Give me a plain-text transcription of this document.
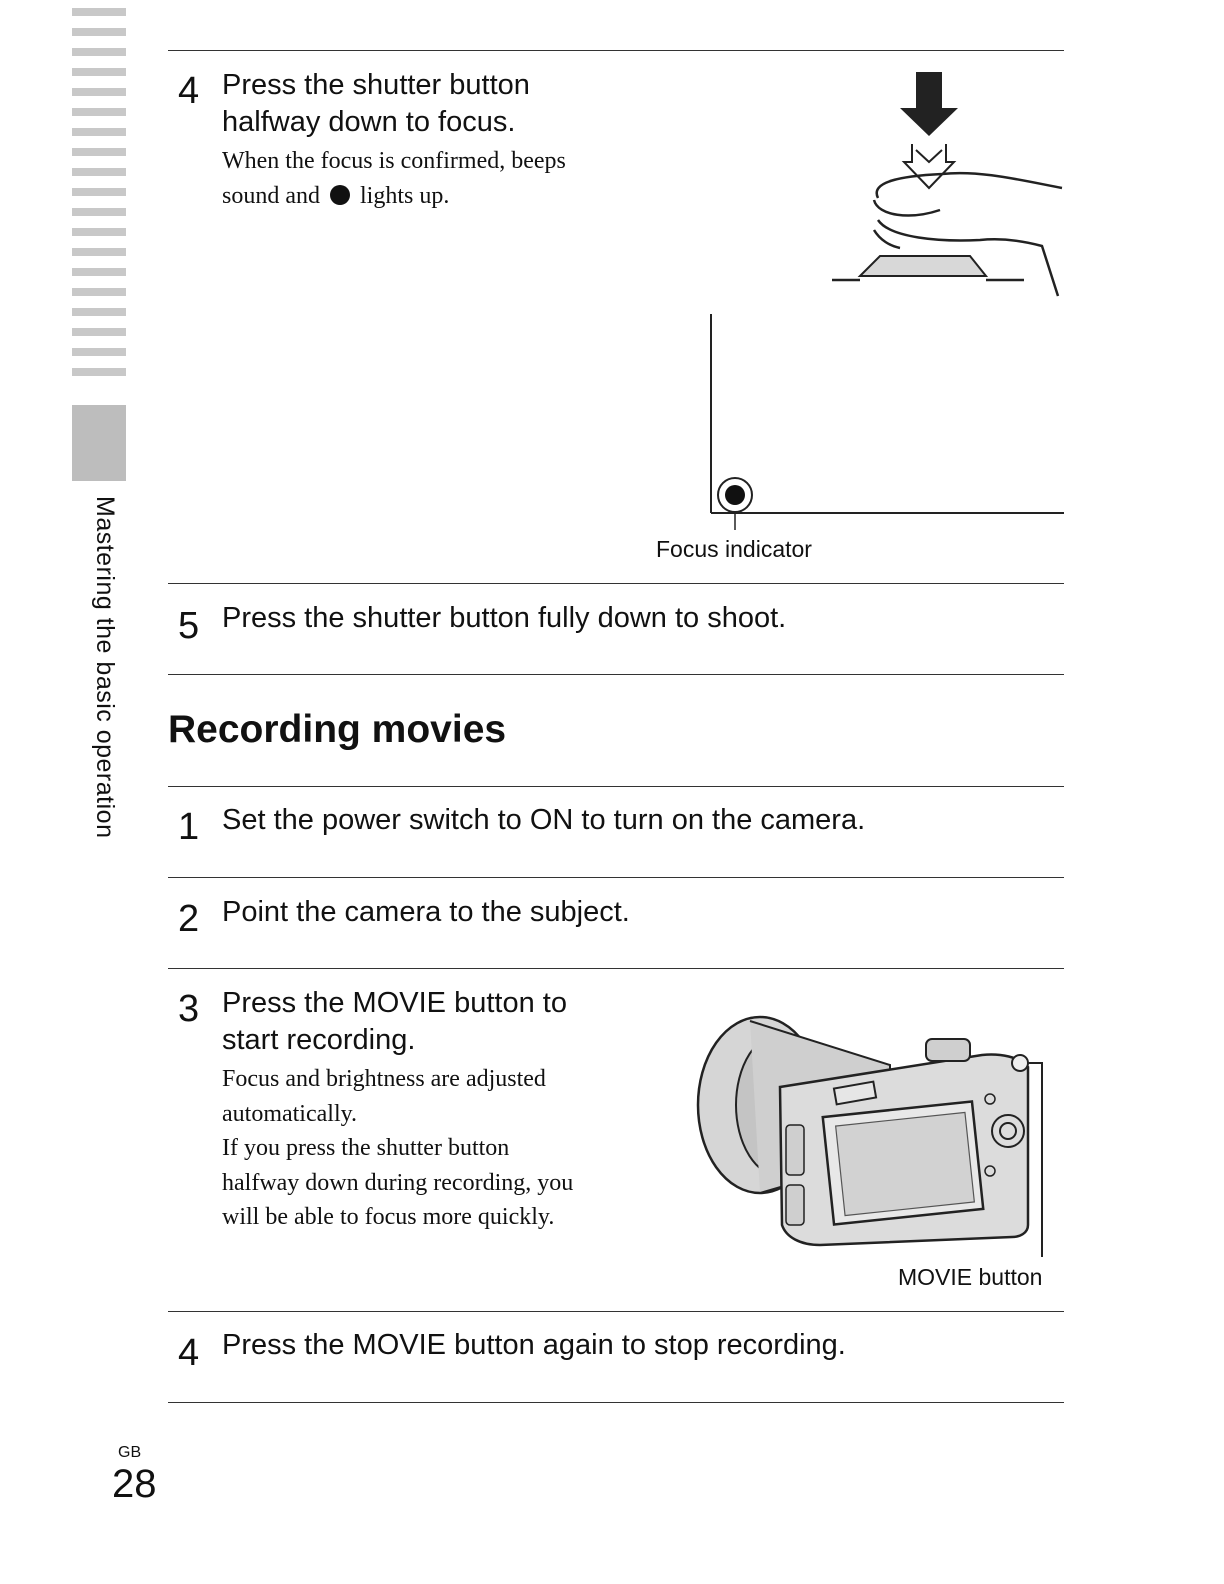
Mastering the basic operation
4 Press the shutter button
halfway down to focus.
When the focus is confirmed, beeps
sound and lights up.
Focus indicator
5 Press the shutter button fully down to shoot.
Recording movies
1 Set the power switch to ON to turn on the camera.
2 Point the camera to the subject.
3 Press the MOVIE button to
start recording.
Focus and brightness are adjusted
automatically.
If you press the shutter button
halfway down during recording, you
will be able to focus more quickly.
MOVIE button
4 Press the MOVIE button again to stop recording.
GB
28
